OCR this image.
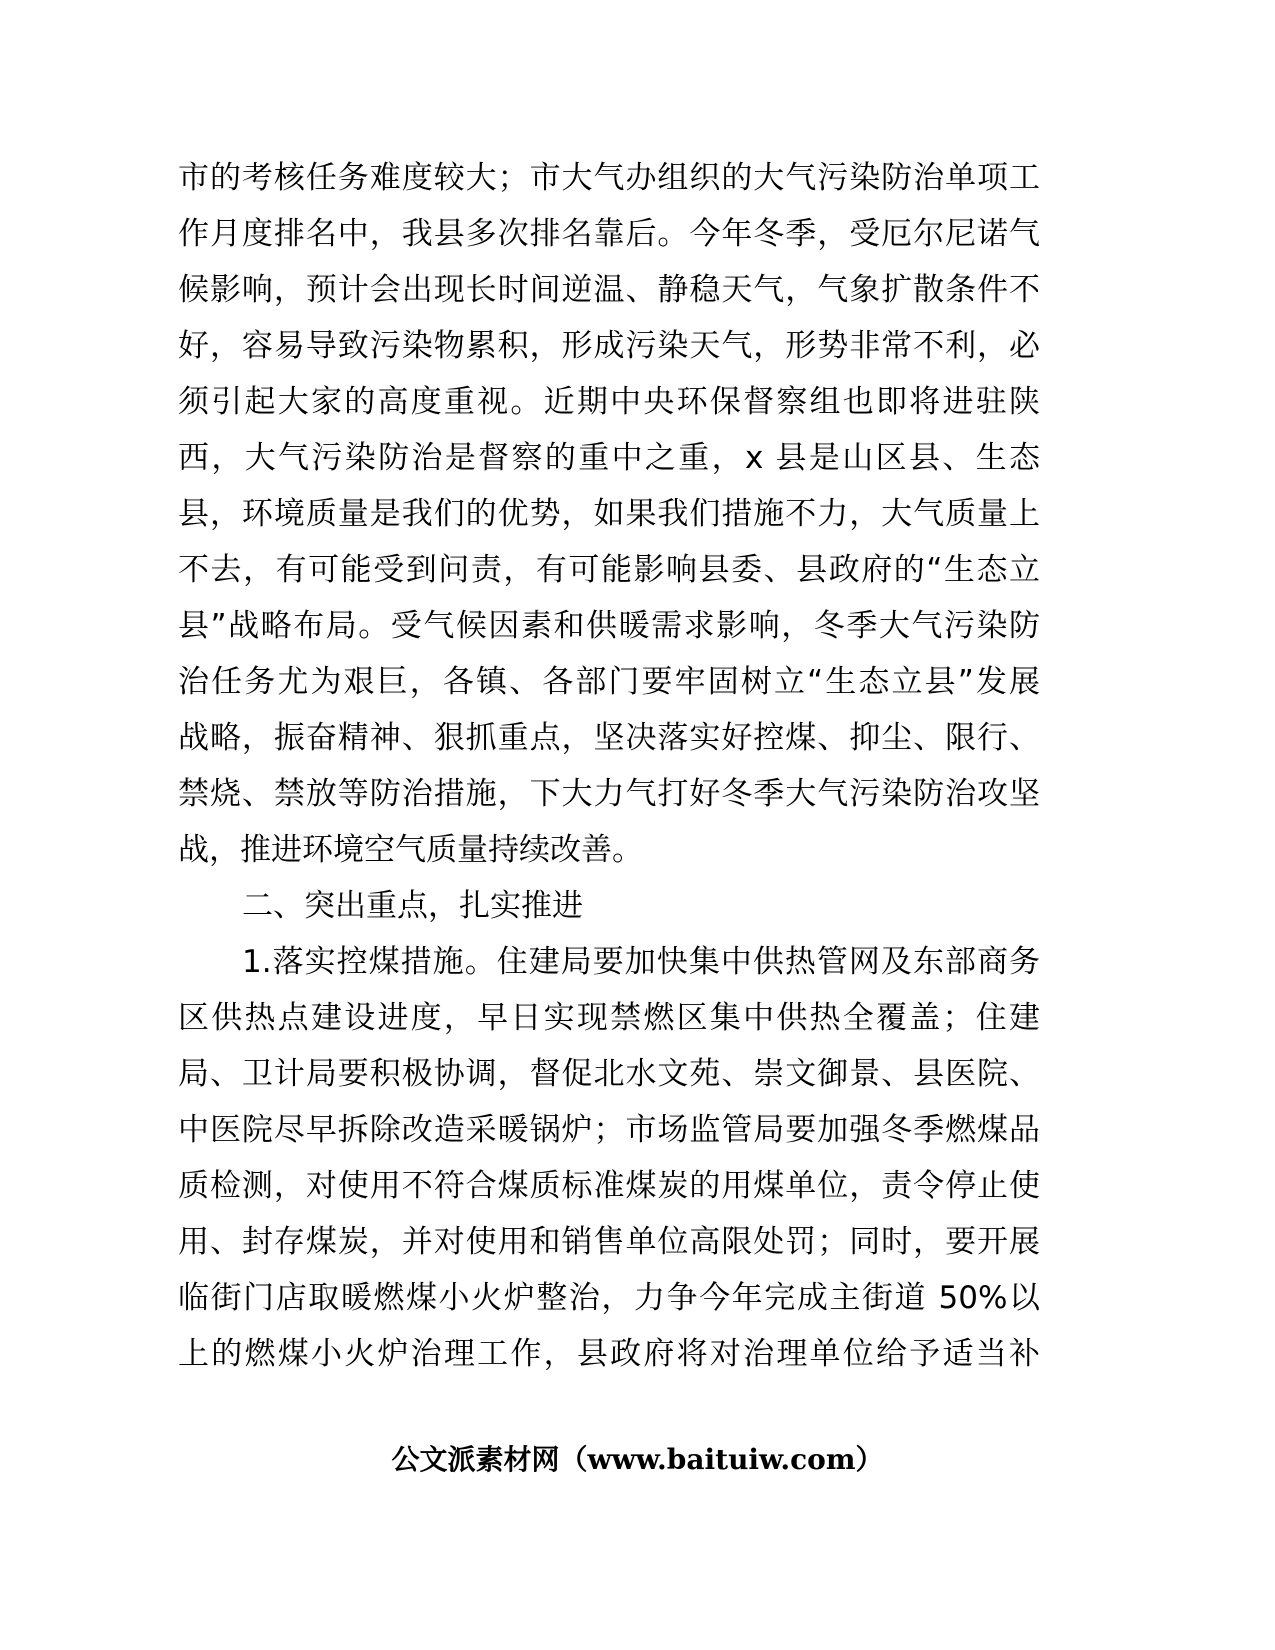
市的考核任务难度较大；市大气办组织的大气污染防治单项工
作月度排名中，我县多次排名靠后。今年冬季，受厄尔尼诺气
候影响，预计会出现长时间逆温、静稳天气，气象扩散条件不
好，容易导致污染物累积，形成污染天气，形势非常不利，必
须引起大家的高度重视。近期中央环保督察组也即将进驻陕
西，大气污染防治是督察的重中之重，x 县是山区县、生态
县，环境质量是我们的优势，如果我们措施不力，大气质量上
不去，有可能受到问责，有可能影响县委、县政府的“生态立
县”战略布局。受气候因素和供暖需求影响，冬季大气污染防
治任务尤为艰巨，各镇、各部门要牢固树立“生态立县”发展
战略，振奋精神、狠抓重点，坚决落实好控煤、抑尘、限行、
禁烧、禁放等防治措施，下大力气打好冬季大气污染防治攻坚
战，推进环境空气质量持续改善。
二、突出重点，扎实推进
1.落实控煤措施。住建局要加快集中供热管网及东部商务
区供热点建设进度，早日实现禁燃区集中供热全覆盖；住建
局、卫计局要积极协调，督促北水文苑、崇文御景、县医院、
中医院尽早拆除改造采暖锅炉；市场监管局要加强冬季燃煤品
质检测，对使用不符合煤质标准煤炭的用煤单位，责令停止使
用、封存煤炭，并对使用和销售单位高限处罚；同时，要开展
临街门店取暖燃煤小火炉整治，力争今年完成主街道 50%以
上的燃煤小火炉治理工作，县政府将对治理单位给予适当补
公文派素材网（www.baituiw.com）
